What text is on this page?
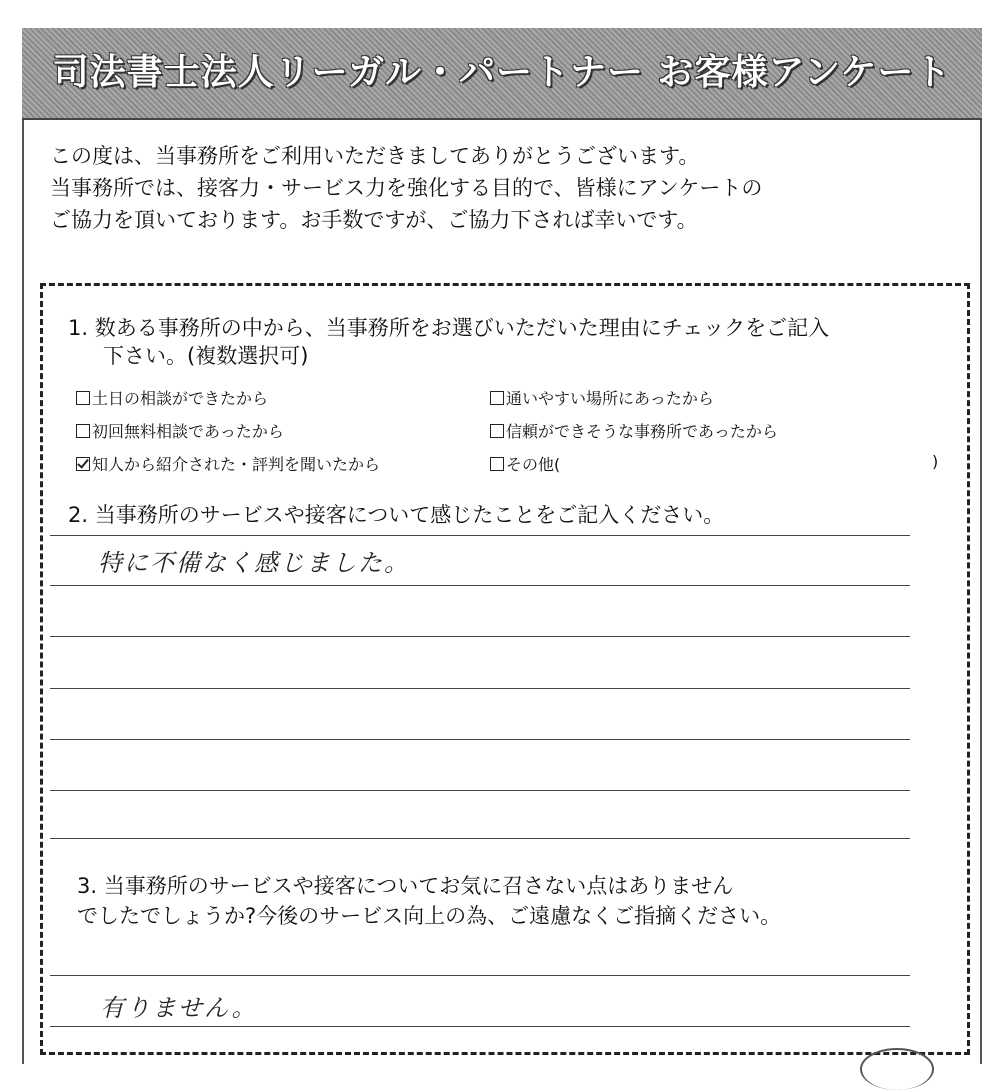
司法書士法人リーガル・パートナー お客様アンケート
この度は、当事務所をご利用いただきましてありがとうございます。
当事務所では、接客力・サービス力を強化する目的で、皆様にアンケートの
ご協力を頂いております。お手数ですが、ご協力下されば幸いです。
1. 数ある事務所の中から、当事務所をお選びいただいた理由にチェックをご記入
下さい。(複数選択可)
土日の相談ができたから	通いやすい場所にあったから
初回無料相談であったから	信頼ができそうな事務所であったから
知人から紹介された・評判を聞いたから	その他(	)
2. 当事務所のサービスや接客について感じたことをご記入ください。
特に不備なく感じました。
3. 当事務所のサービスや接客についてお気に召さない点はありません
でしたでしょうか?今後のサービス向上の為、ご遠慮なくご指摘ください。
有りません。
